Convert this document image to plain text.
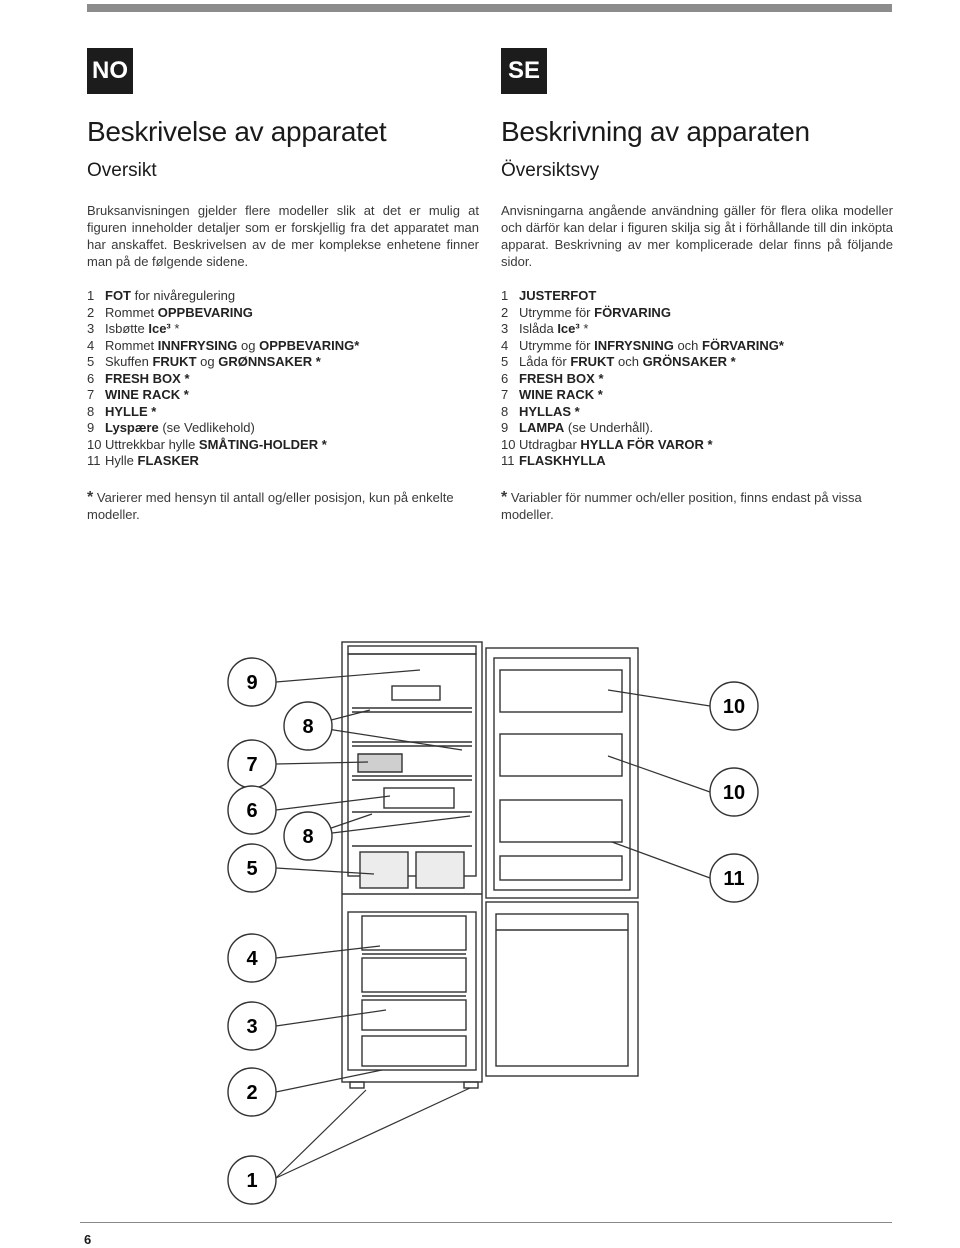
NO	SE
Beskrivelse av apparatet
Oversikt

Bruksanvisningen gjelder flere modeller slik at det er mulig at figuren inneholder detaljer som er forskjellig fra det apparatet man har anskaffet. Beskrivelsen av de mer komplekse enhetene finner man på de følgende sidene.

1 FOT for nivåregulering
2 Rommet OPPBEVARING
3 Isbøtte Ice³ *
4 Rommet INNFRYSING og OPPBEVARING*
5 Skuffen FRUKT og GRØNNSAKER *
6 FRESH BOX *
7 WINE RACK *
8 HYLLE *
9 Lyspære (se Vedlikehold)
10 Uttrekkbar hylle SMÅTING-HOLDER *
11 Hylle FLASKER
* Varierer med hensyn til antall og/eller posisjon, kun på enkelte modeller.
Beskrivning av apparaten
Översiktsvy

Anvisningarna angående användning gäller för flera olika modeller och därför kan delar i figuren skilja sig åt i förhållande till din inköpta apparat. Beskrivning av mer komplicerade delar finns på följande sidor.

1 JUSTERFOT
2 Utrymme för FÖRVARING
3 Islåda Ice³ *
4 Utrymme för INFRYSNING och FÖRVARING*
5 Låda för FRUKT och GRÖNSAKER *
6 FRESH BOX *
7 WINE RACK *
8 HYLLAS *
9 LAMPA (se Underhåll).
10 Utdragbar HYLLA FÖR VAROR *
11 FLASKHYLLA
* Variabler för nummer och/eller position, finns endast på vissa modeller.
9
8
7
6
8
5
4
3
2
1
10
10
11
6
